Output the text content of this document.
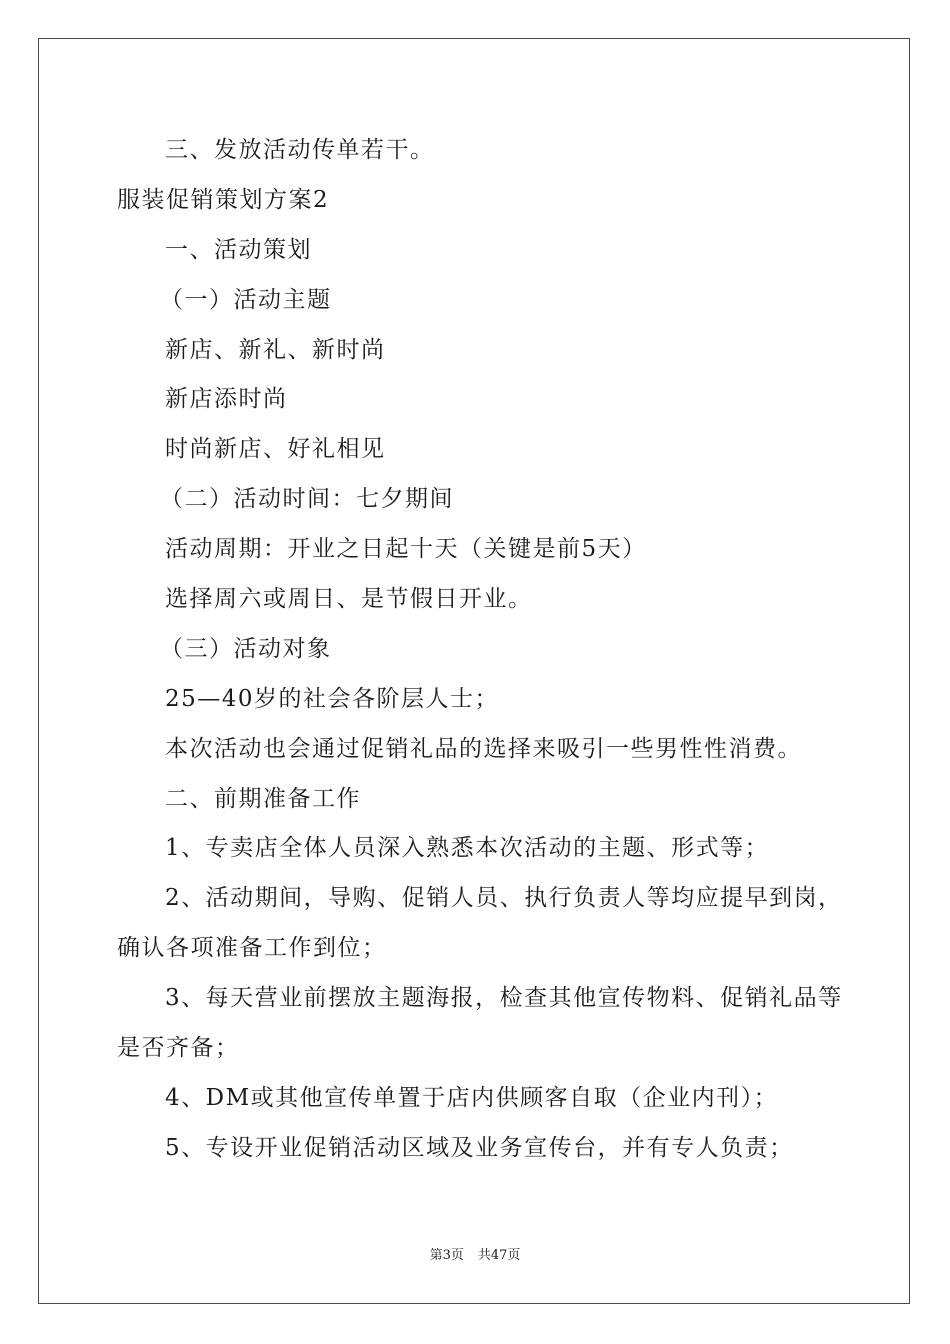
三、发放活动传单若干。
服装促销策划方案2
一、活动策划
（一）活动主题
新店、新礼、新时尚
新店添时尚
时尚新店、好礼相见
（二）活动时间：七夕期间
活动周期：开业之日起十天（关键是前5天）
选择周六或周日、是节假日开业。
（三）活动对象
25—40岁的社会各阶层人士；
本次活动也会通过促销礼品的选择来吸引一些男性性消费。
二、前期准备工作
1、专卖店全体人员深入熟悉本次活动的主题、形式等；
2、活动期间，导购、促销人员、执行负责人等均应提早到岗，
确认各项准备工作到位；
3、每天营业前摆放主题海报，检查其他宣传物料、促销礼品等
是否齐备；
4、DM或其他宣传单置于店内供顾客自取（企业内刊）；
5、专设开业促销活动区域及业务宣传台，并有专人负责；
第3页 共47页
